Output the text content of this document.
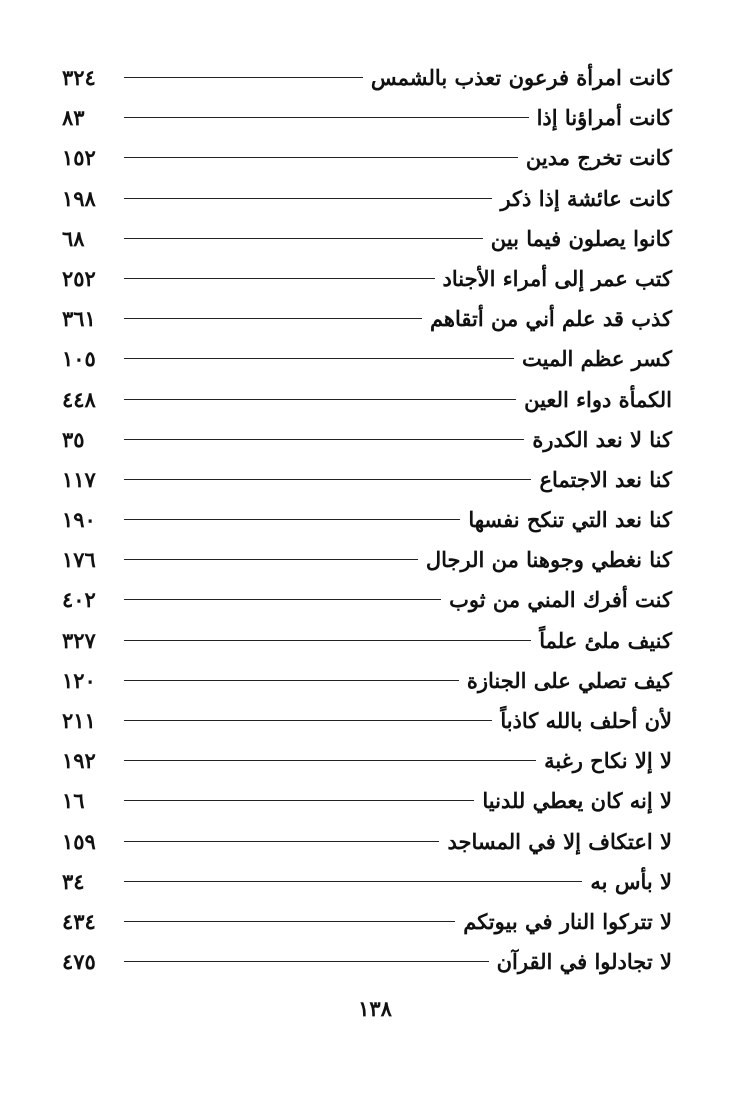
كانت امرأة فرعون تعذب بالشمس
٣٢٤
كانت أمراؤنا إذا
٨٣
كانت تخرج مدين
١٥٢
كانت عائشة إذا ذكر
١٩٨
كانوا يصلون فيما بين
٦٨
كتب عمر إلى أمراء الأجناد
٢٥٢
كذب قد علم أني من أتقاهم
٣٦١
كسر عظم الميت
١٠٥
الكمأة دواء العين
٤٤٨
كنا لا نعد الكدرة
٣٥
كنا نعد الاجتماع
١١٧
كنا نعد التي تنكح نفسها
١٩٠
كنا نغطي وجوهنا من الرجال
١٧٦
كنت أفرك المني من ثوب
٤٠٢
كنيف ملئ علماً
٣٢٧
كيف تصلي على الجنازة
١٢٠
لأن أحلف بالله كاذباً
٢١١
لا إلا نكاح رغبة
١٩٢
لا إنه كان يعطي للدنيا
١٦
لا اعتكاف إلا في المساجد
١٥٩
لا بأس به
٣٤
لا تتركوا النار في بيوتكم
٤٣٤
لا تجادلوا في القرآن
٤٧٥
١٣٨
